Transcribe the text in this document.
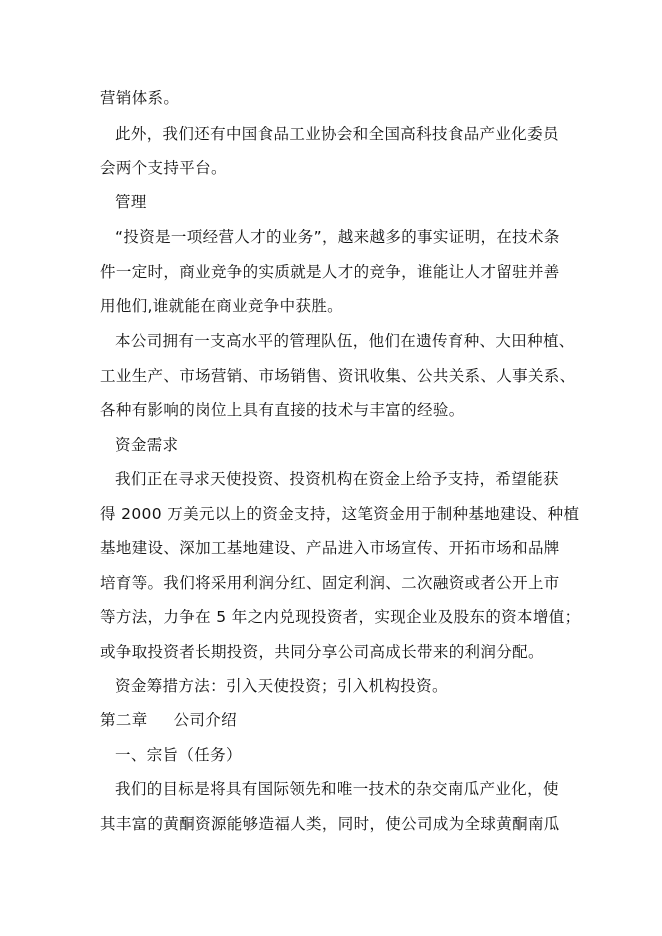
营销体系。
此外，我们还有中国食品工业协会和全国高科技食品产业化委员
会两个支持平台。
管理
“投资是一项经营人才的业务”，越来越多的事实证明，在技术条
件一定时，商业竞争的实质就是人才的竞争，谁能让人才留驻并善
用他们,谁就能在商业竞争中获胜。
本公司拥有一支高水平的管理队伍，他们在遗传育种、大田种植、
工业生产、市场营销、市场销售、资讯收集、公共关系、人事关系、
各种有影响的岗位上具有直接的技术与丰富的经验。
资金需求
我们正在寻求天使投资、投资机构在资金上给予支持，希望能获
得 2000 万美元以上的资金支持，这笔资金用于制种基地建设、种植
基地建设、深加工基地建设、产品进入市场宣传、开拓市场和品牌
培育等。我们将采用利润分红、固定利润、二次融资或者公开上市
等方法，力争在 5 年之内兑现投资者，实现企业及股东的资本增值；
或争取投资者长期投资，共同分享公司高成长带来的利润分配。
资金筹措方法：引入天使投资；引入机构投资。
第二章 公司介绍
一、宗旨（任务）
我们的目标是将具有国际领先和唯一技术的杂交南瓜产业化，使
其丰富的黄酮资源能够造福人类，同时，使公司成为全球黄酮南瓜
